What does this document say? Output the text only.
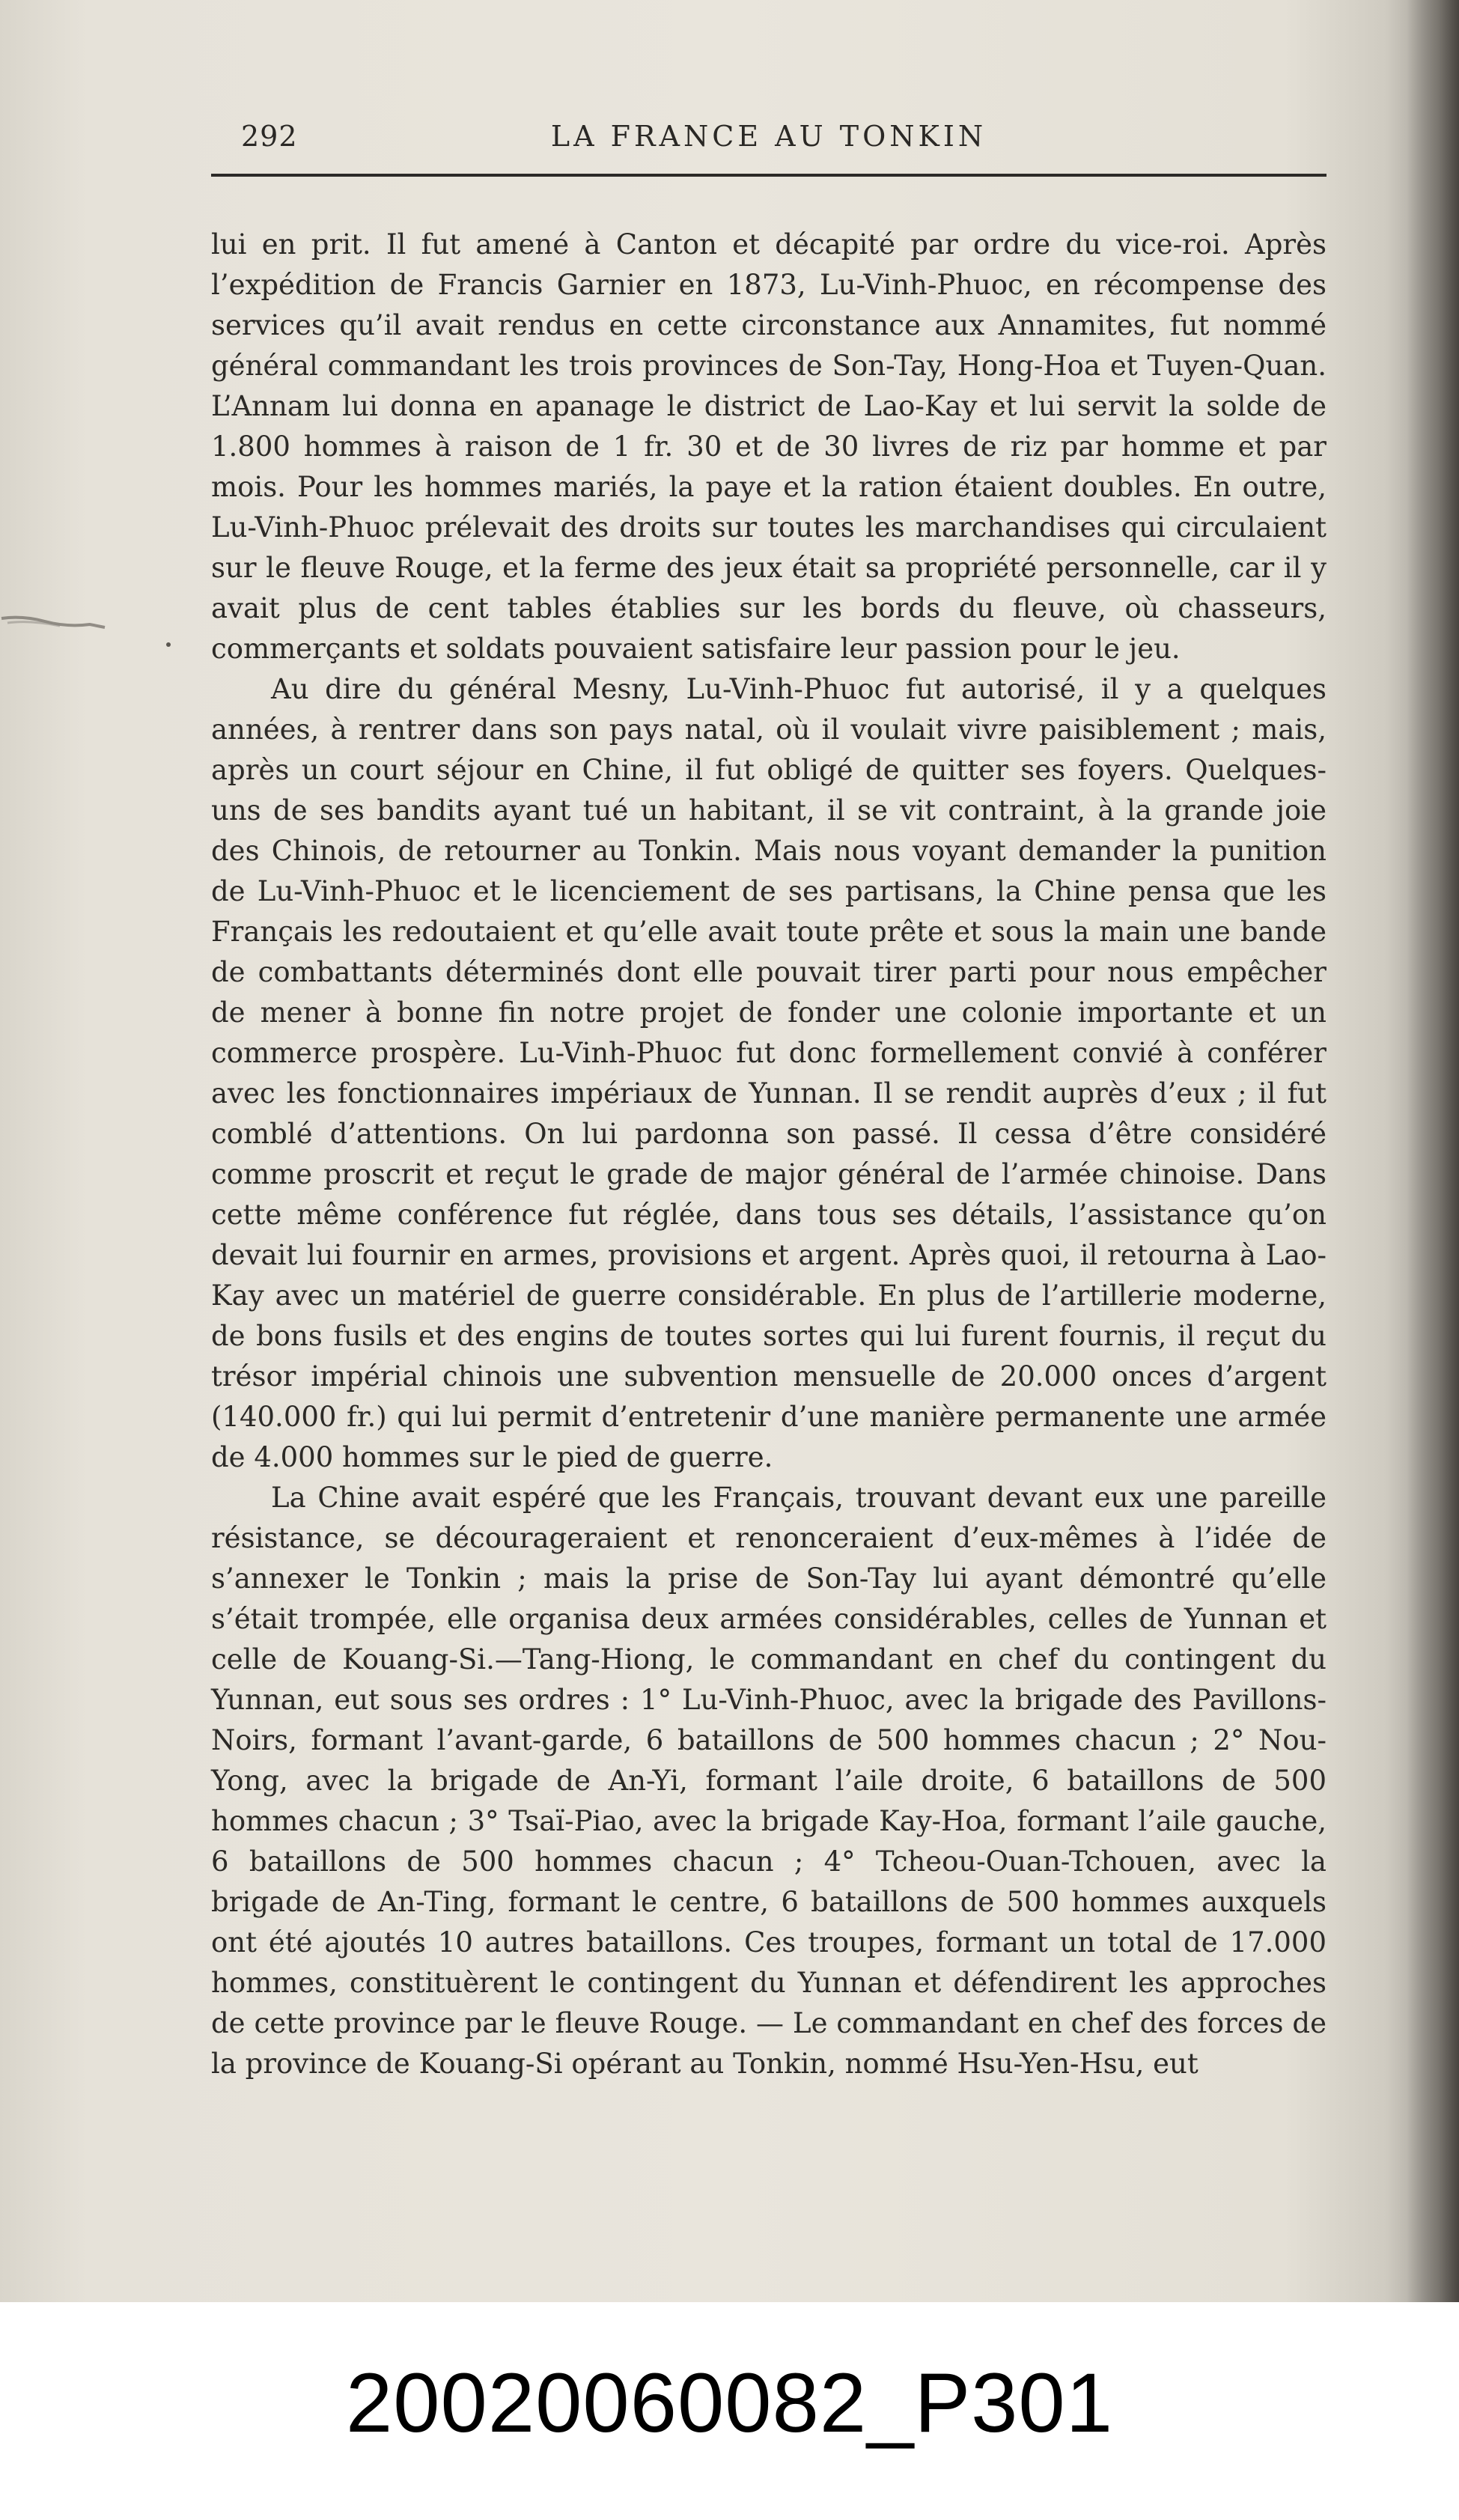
292	LA FRANCE AU TONKIN

lui en prit. Il fut amené à Canton et décapité par ordre du vice-roi. Après l’expédition de Francis Garnier en 1873, Lu-Vinh-Phuoc, en récompense des services qu’il avait rendus en cette circonstance aux Annamites, fut nommé général commandant les trois provinces de Son-Tay, Hong-Hoa et Tuyen-Quan. L’Annam lui donna en apanage le district de Lao-Kay et lui servit la solde de 1.800 hommes à raison de 1 fr. 30 et de 30 livres de riz par homme et par mois. Pour les hommes mariés, la paye et la ration étaient doubles. En outre, Lu-Vinh-Phuoc prélevait des droits sur toutes les marchandises qui circulaient sur le fleuve Rouge, et la ferme des jeux était sa propriété personnelle, car il y avait plus de cent tables établies sur les bords du fleuve, où chasseurs, commerçants et soldats pouvaient satisfaire leur passion pour le jeu.

Au dire du général Mesny, Lu-Vinh-Phuoc fut autorisé, il y a quelques années, à rentrer dans son pays natal, où il voulait vivre paisiblement ; mais, après un court séjour en Chine, il fut obligé de quitter ses foyers. Quelques-uns de ses bandits ayant tué un habitant, il se vit contraint, à la grande joie des Chinois, de retourner au Tonkin. Mais nous voyant demander la punition de Lu-Vinh-Phuoc et le licenciement de ses partisans, la Chine pensa que les Français les redoutaient et qu’elle avait toute prête et sous la main une bande de combattants déterminés dont elle pouvait tirer parti pour nous empêcher de mener à bonne fin notre projet de fonder une colonie importante et un commerce prospère. Lu-Vinh-Phuoc fut donc formellement convié à conférer avec les fonctionnaires impériaux de Yunnan. Il se rendit auprès d’eux ; il fut comblé d’attentions. On lui pardonna son passé. Il cessa d’être considéré comme proscrit et reçut le grade de major général de l’armée chinoise. Dans cette même conférence fut réglée, dans tous ses détails, l’assistance qu’on devait lui fournir en armes, provisions et argent. Après quoi, il retourna à Lao-Kay avec un matériel de guerre considérable. En plus de l’artillerie moderne, de bons fusils et des engins de toutes sortes qui lui furent fournis, il reçut du trésor impérial chinois une subvention mensuelle de 20.000 onces d’argent (140.000 fr.) qui lui permit d’entretenir d’une manière permanente une armée de 4.000 hommes sur le pied de guerre.

La Chine avait espéré que les Français, trouvant devant eux une pareille résistance, se décourageraient et renonceraient d’eux-mêmes à l’idée de s’annexer le Tonkin ; mais la prise de Son-Tay lui ayant démontré qu’elle s’était trompée, elle organisa deux armées considérables, celles de Yunnan et celle de Kouang-Si.—Tang-Hiong, le commandant en chef du contingent du Yunnan, eut sous ses ordres : 1° Lu-Vinh-Phuoc, avec la brigade des Pavillons-Noirs, formant l’avant-garde, 6 bataillons de 500 hommes chacun ; 2° Nou-Yong, avec la brigade de An-Yi, formant l’aile droite, 6 bataillons de 500 hommes chacun ; 3° Tsaï-Piao, avec la brigade Kay-Hoa, formant l’aile gauche, 6 bataillons de 500 hommes chacun ; 4° Tcheou-Ouan-Tchouen, avec la brigade de An-Ting, formant le centre, 6 bataillons de 500 hommes auxquels ont été ajoutés 10 autres bataillons. Ces troupes, formant un total de 17.000 hommes, constituèrent le contingent du Yunnan et défendirent les approches de cette province par le fleuve Rouge. — Le commandant en chef des forces de la province de Kouang-Si opérant au Tonkin, nommé Hsu-Yen-Hsu, eut

20020060082_P301
